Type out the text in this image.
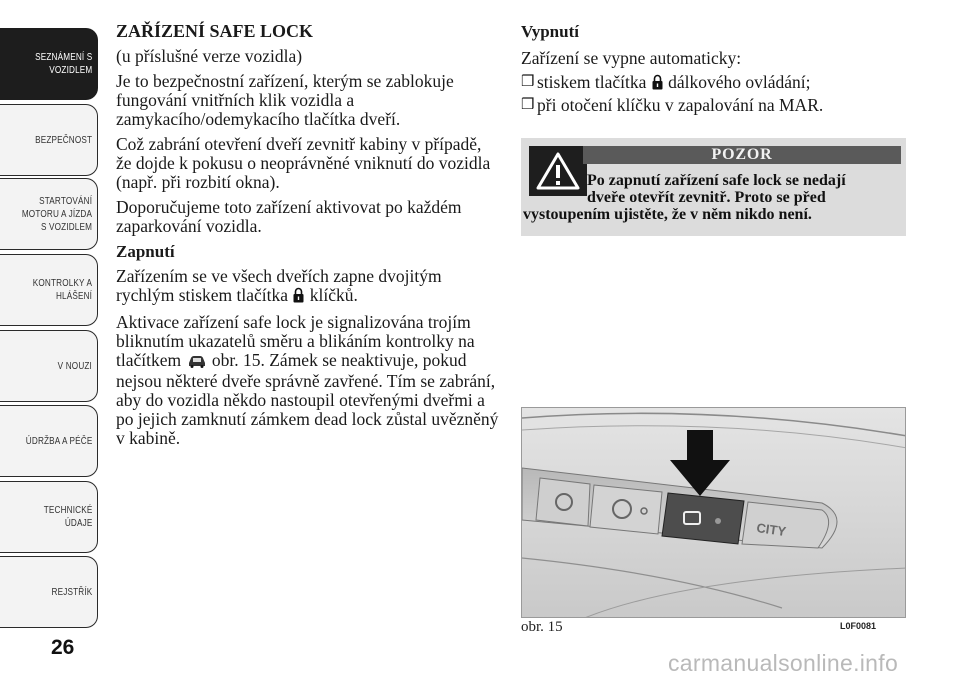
SEZNÁMENÍ S
VOZIDLEM
BEZPEČNOST
STARTOVÁNÍ
MOTORU A JÍZDA
S VOZIDLEM
KONTROLKY A
HLÁŠENÍ
V NOUZI
ÚDRŽBA A PÉČE
TECHNICKÉ
ÚDAJE
REJSTŘÍK
26

ZAŘÍZENÍ SAFE LOCK

(u příslušné verze vozidla)

Je to bezpečnostní zařízení, kterým se zablokuje fungování vnitřních klik vozidla a zamykacího/odemykacího tlačítka dveří.

Což zabrání otevření dveří zevnitř kabiny v případě, že dojde k pokusu o neoprávněné vniknutí do vozidla (např. při rozbití okna).

Doporučujeme toto zařízení aktivovat po každém zaparkování vozidla.

Zapnutí

Zařízením se ve všech dveřích zapne dvojitým rychlým stiskem tlačítka klíčků.

Aktivace zařízení safe lock je signalizována trojím bliknutím ukazatelů směru a blikáním kontrolky na tlačítkem obr. 15. Zámek se neaktivuje, pokud nejsou některé dveře správně zavřené. Tím se zabrání, aby do vozidla někdo nastoupil otevřenými dveřmi a po jejich zamknutí zámkem dead lock zůstal uvězněný v kabině.

Vypnutí

Zařízení se vypne automaticky:

❒ stiskem tlačítka dálkového ovládání;
❒ při otočení klíčku v zapalování na MAR.
POZOR
Po zapnutí zařízení safe lock se nedají
dveře otevřít zevnitř. Proto se před
vystoupením ujistěte, že v něm nikdo není.
CITY
obr. 15	L0F0081
carmanualsonline.info
